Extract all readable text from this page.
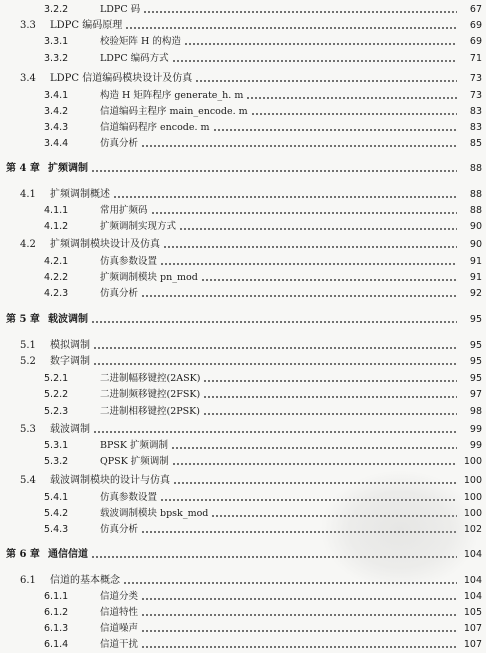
3.2.2	LDPC 码	67
3.3	LDPC 编码原理	69
3.3.1	校验矩阵 H 的构造	69
3.3.2	LDPC 编码方式	71
3.4	LDPC 信道编码模块设计及仿真	73
3.4.1	构造 H 矩阵程序 generate_h. m	73
3.4.2	信道编码主程序 main_encode. m	83
3.4.3	信道编码程序 encode. m	83
3.4.4	仿真分析	85
第 4 章 扩频调制	88
4.1	扩频调制概述	88
4.1.1	常用扩频码	88
4.1.2	扩频调制实现方式	90
4.2	扩频调制模块设计及仿真	90
4.2.1	仿真参数设置	91
4.2.2	扩频调制模块 pn_mod	91
4.2.3	仿真分析	92
第 5 章 载波调制	95
5.1	模拟调制	95
5.2	数字调制	95
5.2.1	二进制幅移键控(2ASK)	95
5.2.2	二进制频移键控(2FSK)	97
5.2.3	二进制相移键控(2PSK)	98
5.3	载波调制	99
5.3.1	BPSK 扩频调制	99
5.3.2	QPSK 扩频调制	100
5.4	载波调制模块的设计与仿真	100
5.4.1	仿真参数设置	100
5.4.2	载波调制模块 bpsk_mod	100
5.4.3	仿真分析	102
第 6 章 通信信道	104
6.1	信道的基本概念	104
6.1.1	信道分类	104
6.1.2	信道特性	105
6.1.3	信道噪声	107
6.1.4	信道干扰	107
